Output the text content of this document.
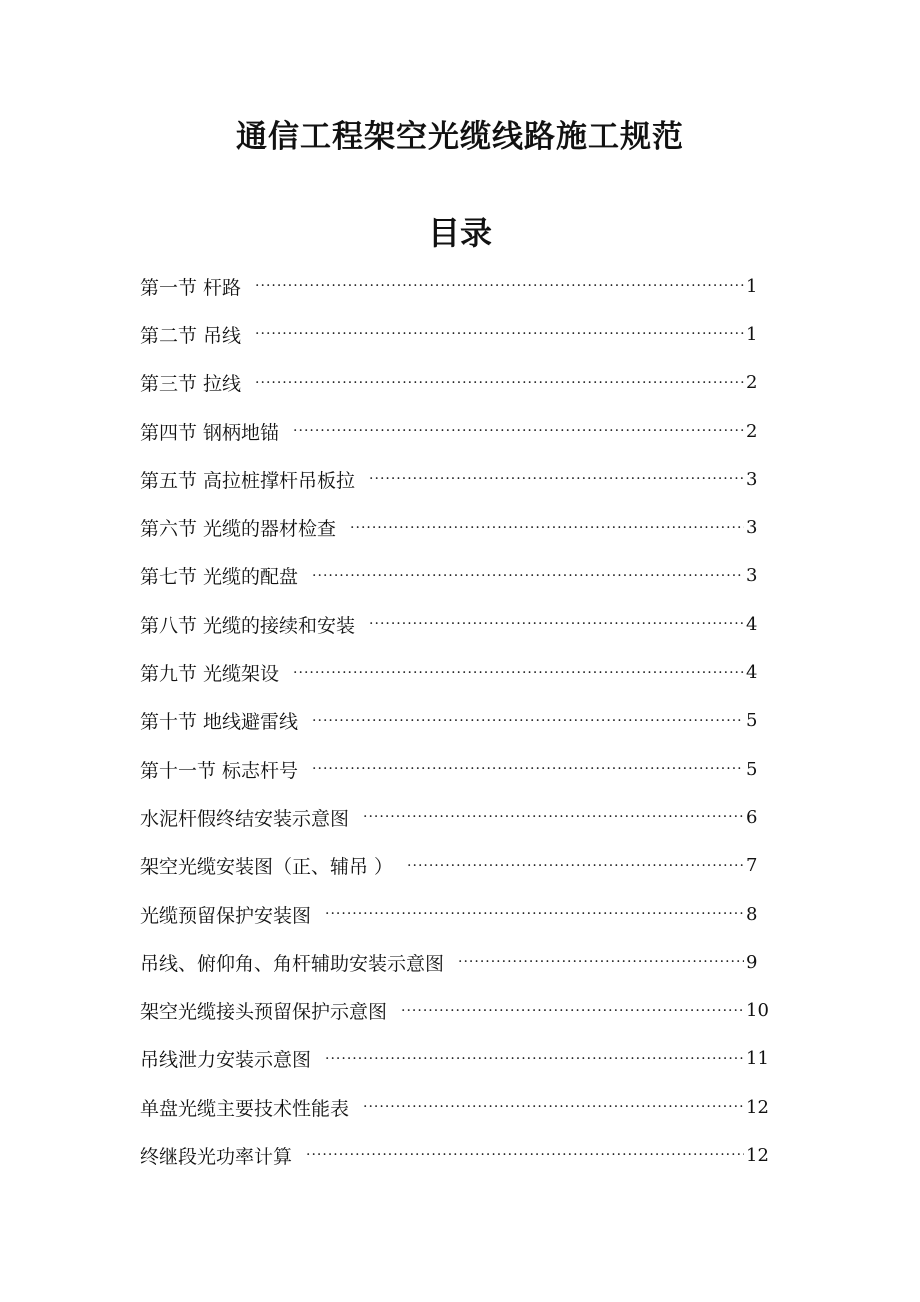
通信工程架空光缆线路施工规范
目录
第一节 杆路 ·····	1
第二节 吊线 ·····	1
第三节 拉线 ·····	2
第四节 钢柄地锚 ·····	2
第五节 高拉桩撑杆吊板拉 ·····	3
第六节 光缆的器材检查 ·····	3
第七节 光缆的配盘 ·····	3
第八节 光缆的接续和安装 ·····	4
第九节 光缆架设 ·····	4
第十节 地线避雷线 ·····	5
第十一节 标志杆号 ·····	5
水泥杆假终结安装示意图 ·····	6
架空光缆安装图（正、辅吊 ） ·····	7
光缆预留保护安装图 ·····	8
吊线、俯仰角、角杆辅助安装示意图 ·····	9
架空光缆接头预留保护示意图 ·····	10
吊线泄力安装示意图 ·····	11
单盘光缆主要技术性能表 ·····	12
终继段光功率计算 ·····	12
